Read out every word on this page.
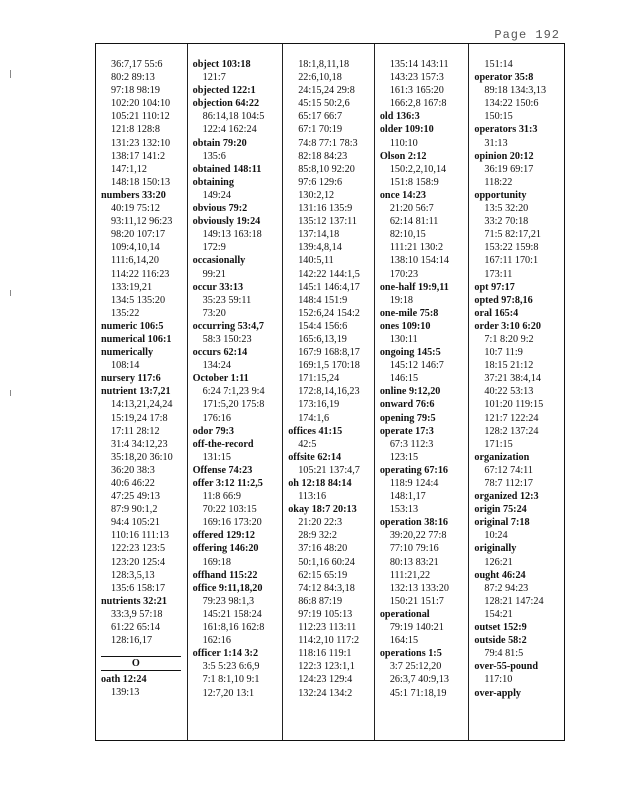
Page 192
36:7,17 55:6
80:2 89:13
97:18 98:19
102:20 104:10
105:21 110:12
121:8 128:8
131:23 132:10
138:17 141:2
147:1,12
148:18 150:13
numbers 33:20
40:19 75:12
93:11,12 96:23
98:20 107:17
109:4,10,14
111:6,14,20
114:22 116:23
133:19,21
134:5 135:20
135:22
numeric 106:5
numerical 106:1
numerically
108:14
nursery 117:6
nutrient 13:7,21
14:13,21,24,24
15:19,24 17:8
17:11 28:12
31:4 34:12,23
35:18,20 36:10
36:20 38:3
40:6 46:22
47:25 49:13
87:9 90:1,2
94:4 105:21
110:16 111:13
122:23 123:5
123:20 125:4
128:3,5,13
135:6 158:17
nutrients 32:21
33:3,9 57:18
61:22 65:14
128:16,17
O
oath 12:24
139:13
object 103:18
121:7
objected 122:1
objection 64:22
86:14,18 104:5
122:4 162:24
obtain 79:20
135:6
obtained 148:11
obtaining
149:24
obvious 79:2
obviously 19:24
149:13 163:18
172:9
occasionally
99:21
occur 33:13
35:23 59:11
73:20
occurring 53:4,7
58:3 150:23
occurs 62:14
134:24
October 1:11
6:24 7:1,23 9:4
171:5,20 175:8
176:16
odor 79:3
off-the-record
131:15
Offense 74:23
offer 3:12 11:2,5
11:8 66:9
70:22 103:15
169:16 173:20
offered 129:12
offering 146:20
169:18
offhand 115:22
office 9:11,18,20
79:23 98:1,3
145:21 158:24
161:8,16 162:8
162:16
officer 1:14 3:2
3:5 5:23 6:6,9
7:1 8:1,10 9:1
12:7,20 13:1
18:1,8,11,18
22:6,10,18
24:15,24 29:8
45:15 50:2,6
65:17 66:7
67:1 70:19
74:8 77:1 78:3
82:18 84:23
85:8,10 92:20
97:6 129:6
130:2,12
131:16 135:9
135:12 137:11
137:14,18
139:4,8,14
140:5,11
142:22 144:1,5
145:1 146:4,17
148:4 151:9
152:6,24 154:2
154:4 156:6
165:6,13,19
167:9 168:8,17
169:1,5 170:18
171:15,24
172:8,14,16,23
173:16,19
174:1,6
offices 41:15
42:5
offsite 62:14
105:21 137:4,7
oh 12:18 84:14
113:16
okay 18:7 20:13
21:20 22:3
28:9 32:2
37:16 48:20
50:1,16 60:24
62:15 65:19
74:12 84:3,18
86:8 87:19
97:19 105:13
112:23 113:11
114:2,10 117:2
118:16 119:1
122:3 123:1,1
124:23 129:4
132:24 134:2
135:14 143:11
143:23 157:3
161:3 165:20
166:2,8 167:8
old 136:3
older 109:10
110:10
Olson 2:12
150:2,2,10,14
151:8 158:9
once 14:23
21:20 56:7
62:14 81:11
82:10,15
111:21 130:2
138:10 154:14
170:23
one-half 19:9,11
19:18
one-mile 75:8
ones 109:10
130:11
ongoing 145:5
145:12 146:7
146:15
online 9:12,20
onward 76:6
opening 79:5
operate 17:3
67:3 112:3
123:15
operating 67:16
118:9 124:4
148:1,17
153:13
operation 38:16
39:20,22 77:8
77:10 79:16
80:13 83:21
111:21,22
132:13 133:20
150:21 151:7
operational
79:19 140:21
164:15
operations 1:5
3:7 25:12,20
26:3,7 40:9,13
45:1 71:18,19
151:14
operator 35:8
89:18 134:3,13
134:22 150:6
150:15
operators 31:3
31:13
opinion 20:12
36:19 69:17
118:22
opportunity
13:5 32:20
33:2 70:18
71:5 82:17,21
153:22 159:8
167:11 170:1
173:11
opt 97:17
opted 97:8,16
oral 165:4
order 3:10 6:20
7:1 8:20 9:2
10:7 11:9
18:15 21:12
37:21 38:4,14
40:22 53:13
101:20 119:15
121:7 122:24
128:2 137:24
171:15
organization
67:12 74:11
78:7 112:17
organized 12:3
origin 75:24
original 7:18
10:24
originally
126:21
ought 46:24
87:2 94:23
128:21 147:24
154:21
outset 152:9
outside 58:2
79:4 81:5
over-55-pound
117:10
over-apply
